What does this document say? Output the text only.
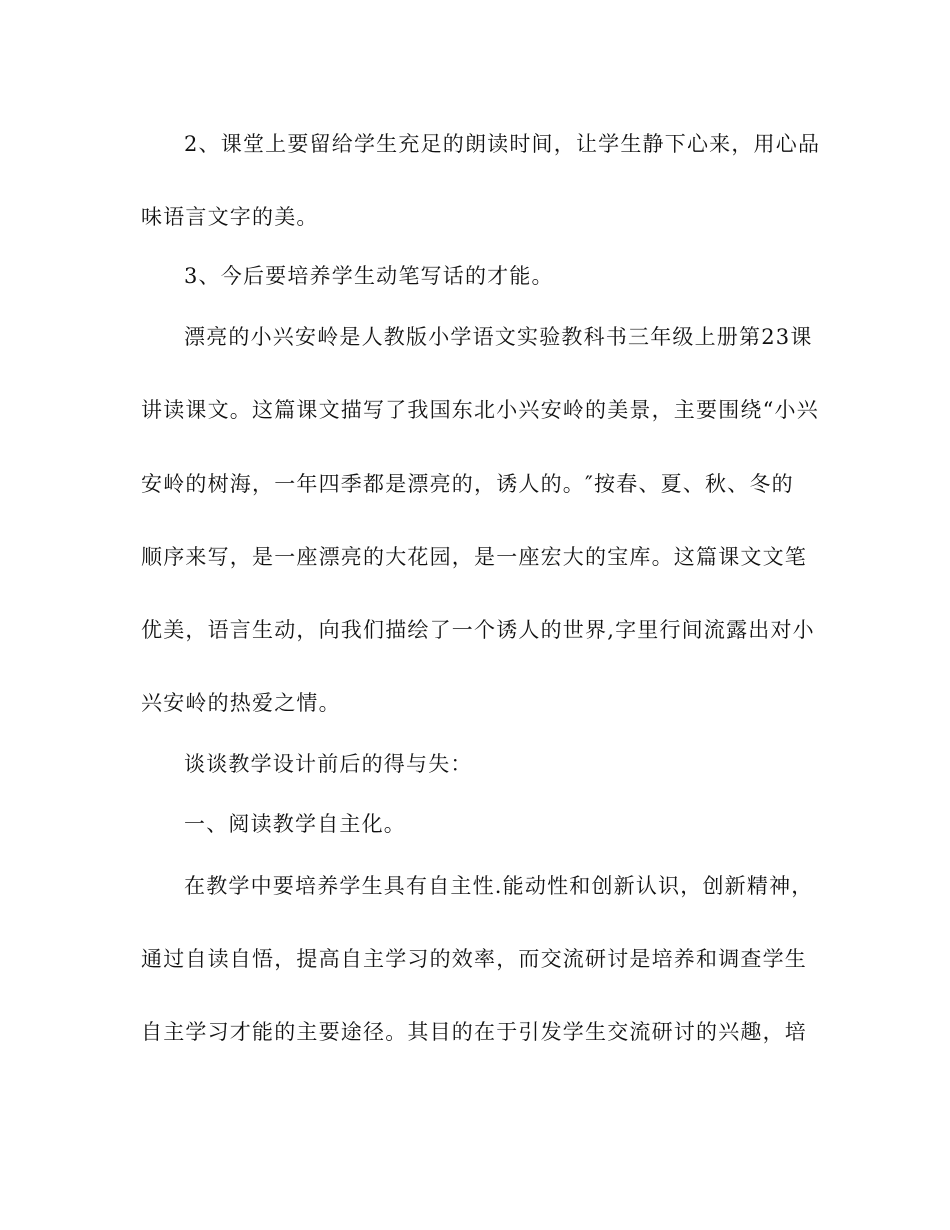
2、课堂上要留给学生充足的朗读时间，让学生静下心来，用心品
味语言文字的美。
3、今后要培养学生动笔写话的才能。
漂亮的小兴安岭是人教版小学语文实验教科书三年级上册第23课
讲读课文。这篇课文描写了我国东北小兴安岭的美景，主要围绕“小兴
安岭的树海，一年四季都是漂亮的，诱人的。″按春、夏、秋、冬的
顺序来写，是一座漂亮的大花园，是一座宏大的宝库。这篇课文文笔
优美，语言生动，向我们描绘了一个诱人的世界,字里行间流露出对小
兴安岭的热爱之情。
谈谈教学设计前后的得与失：
一、阅读教学自主化。
在教学中要培养学生具有自主性.能动性和创新认识，创新精神，
通过自读自悟，提高自主学习的效率，而交流研讨是培养和调查学生
自主学习才能的主要途径。其目的在于引发学生交流研讨的兴趣，培
